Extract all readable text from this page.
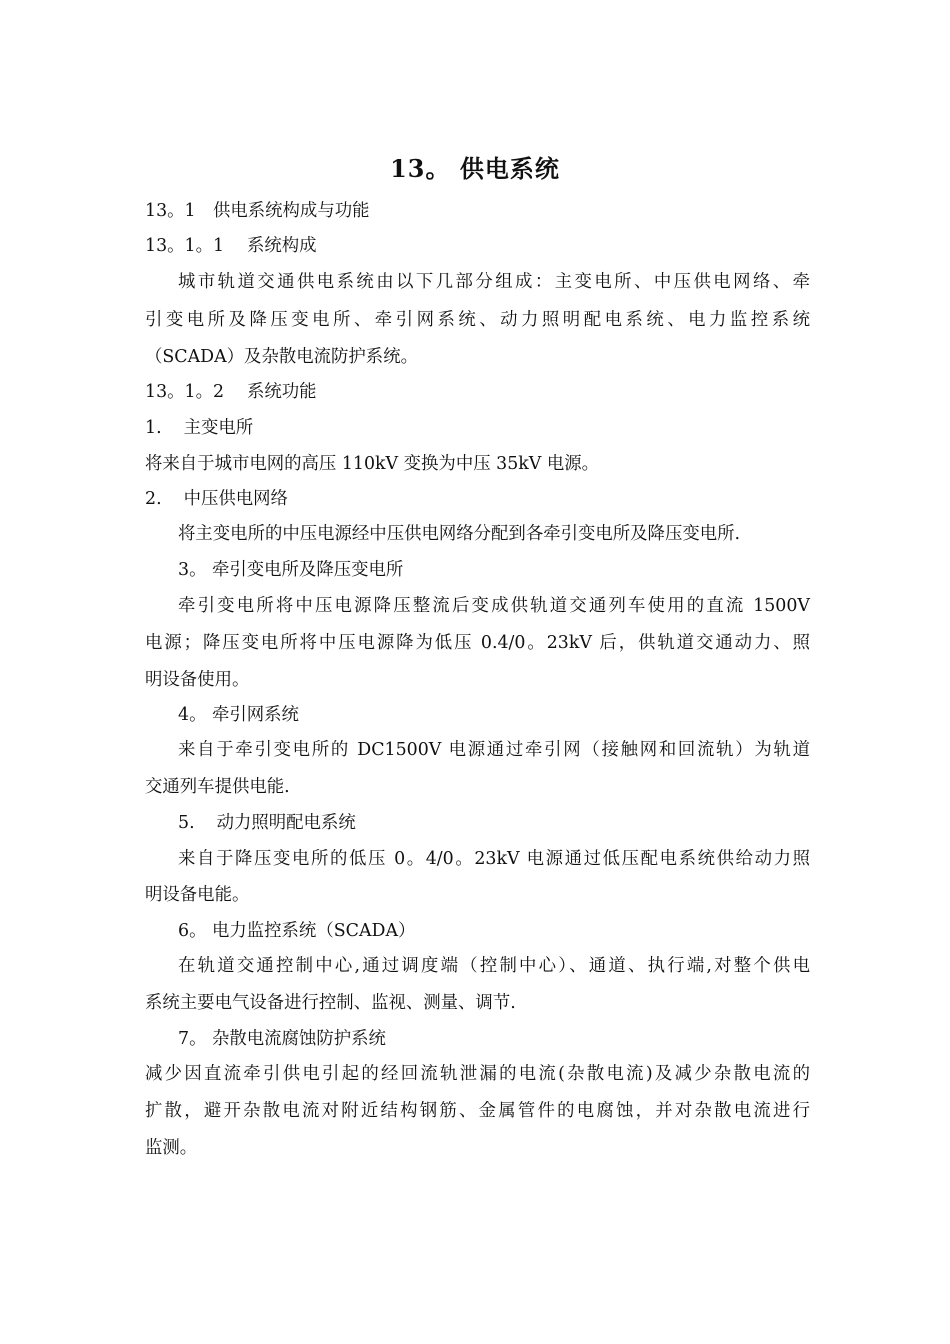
13。 供电系统
13。1　供电系统构成与功能
13。1。1　 系统构成
城市轨道交通供电系统由以下几部分组成：主变电所、中压供电网络、牵
引变电所及降压变电所、牵引网系统、动力照明配电系统、电力监控系统
（SCADA）及杂散电流防护系统。
13。1。2　 系统功能
1. 主变电所
将来自于城市电网的高压 110kV 变换为中压 35kV 电源。
2. 中压供电网络
将主变电所的中压电源经中压供电网络分配到各牵引变电所及降压变电所.
3。 牵引变电所及降压变电所
牵引变电所将中压电源降压整流后变成供轨道交通列车使用的直流 1500V
电源；降压变电所将中压电源降为低压 0.4/0。23kV 后，供轨道交通动力、照
明设备使用。
4。 牵引网系统
来自于牵引变电所的 DC1500V 电源通过牵引网（接触网和回流轨）为轨道
交通列车提供电能.
5. 动力照明配电系统
来自于降压变电所的低压 0。4/0。23kV 电源通过低压配电系统供给动力照
明设备电能。
6。 电力监控系统（SCADA）
在轨道交通控制中心,通过调度端（控制中心）、通道、执行端,对整个供电
系统主要电气设备进行控制、监视、测量、调节.
7。 杂散电流腐蚀防护系统
减少因直流牵引供电引起的经回流轨泄漏的电流(杂散电流)及减少杂散电流的
扩散，避开杂散电流对附近结构钢筋、金属管件的电腐蚀，并对杂散电流进行
监测。
